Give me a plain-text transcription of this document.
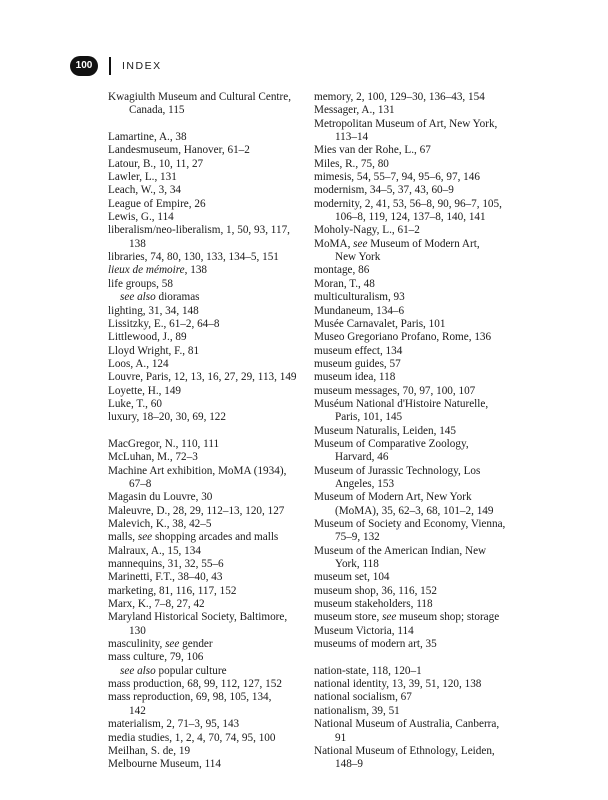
100	INDEX
Kwagiulth Museum and Cultural Centre,
Canada, 115
Lamartine, A., 38
Landesmuseum, Hanover, 61–2
Latour, B., 10, 11, 27
Lawler, L., 131
Leach, W., 3, 34
League of Empire, 26
Lewis, G., 114
liberalism/neo-liberalism, 1, 50, 93, 117,
138
libraries, 74, 80, 130, 133, 134–5, 151
lieux de mémoire, 138
life groups, 58
see also dioramas
lighting, 31, 34, 148
Lissitzky, E., 61–2, 64–8
Littlewood, J., 89
Lloyd Wright, F., 81
Loos, A., 124
Louvre, Paris, 12, 13, 16, 27, 29, 113, 149
Loyette, H., 149
Luke, T., 60
luxury, 18–20, 30, 69, 122
MacGregor, N., 110, 111
McLuhan, M., 72–3
Machine Art exhibition, MoMA (1934),
67–8
Magasin du Louvre, 30
Maleuvre, D., 28, 29, 112–13, 120, 127
Malevich, K., 38, 42–5
malls, see shopping arcades and malls
Malraux, A., 15, 134
mannequins, 31, 32, 55–6
Marinetti, F.T., 38–40, 43
marketing, 81, 116, 117, 152
Marx, K., 7–8, 27, 42
Maryland Historical Society, Baltimore,
130
masculinity, see gender
mass culture, 79, 106
see also popular culture
mass production, 68, 99, 112, 127, 152
mass reproduction, 69, 98, 105, 134,
142
materialism, 2, 71–3, 95, 143
media studies, 1, 2, 4, 70, 74, 95, 100
Meilhan, S. de, 19
Melbourne Museum, 114
memory, 2, 100, 129–30, 136–43, 154
Messager, A., 131
Metropolitan Museum of Art, New York,
113–14
Mies van der Rohe, L., 67
Miles, R., 75, 80
mimesis, 54, 55–7, 94, 95–6, 97, 146
modernism, 34–5, 37, 43, 60–9
modernity, 2, 41, 53, 56–8, 90, 96–7, 105,
106–8, 119, 124, 137–8, 140, 141
Moholy-Nagy, L., 61–2
MoMA, see Museum of Modern Art,
New York
montage, 86
Moran, T., 48
multiculturalism, 93
Mundaneum, 134–6
Musée Carnavalet, Paris, 101
Museo Gregoriano Profano, Rome, 136
museum effect, 134
museum guides, 57
museum idea, 118
museum messages, 70, 97, 100, 107
Muséum National d'Histoire Naturelle,
Paris, 101, 145
Museum Naturalis, Leiden, 145
Museum of Comparative Zoology,
Harvard, 46
Museum of Jurassic Technology, Los
Angeles, 153
Museum of Modern Art, New York
(MoMA), 35, 62–3, 68, 101–2, 149
Museum of Society and Economy, Vienna,
75–9, 132
Museum of the American Indian, New
York, 118
museum set, 104
museum shop, 36, 116, 152
museum stakeholders, 118
museum store, see museum shop; storage
Museum Victoria, 114
museums of modern art, 35
nation-state, 118, 120–1
national identity, 13, 39, 51, 120, 138
national socialism, 67
nationalism, 39, 51
National Museum of Australia, Canberra,
91
National Museum of Ethnology, Leiden,
148–9
